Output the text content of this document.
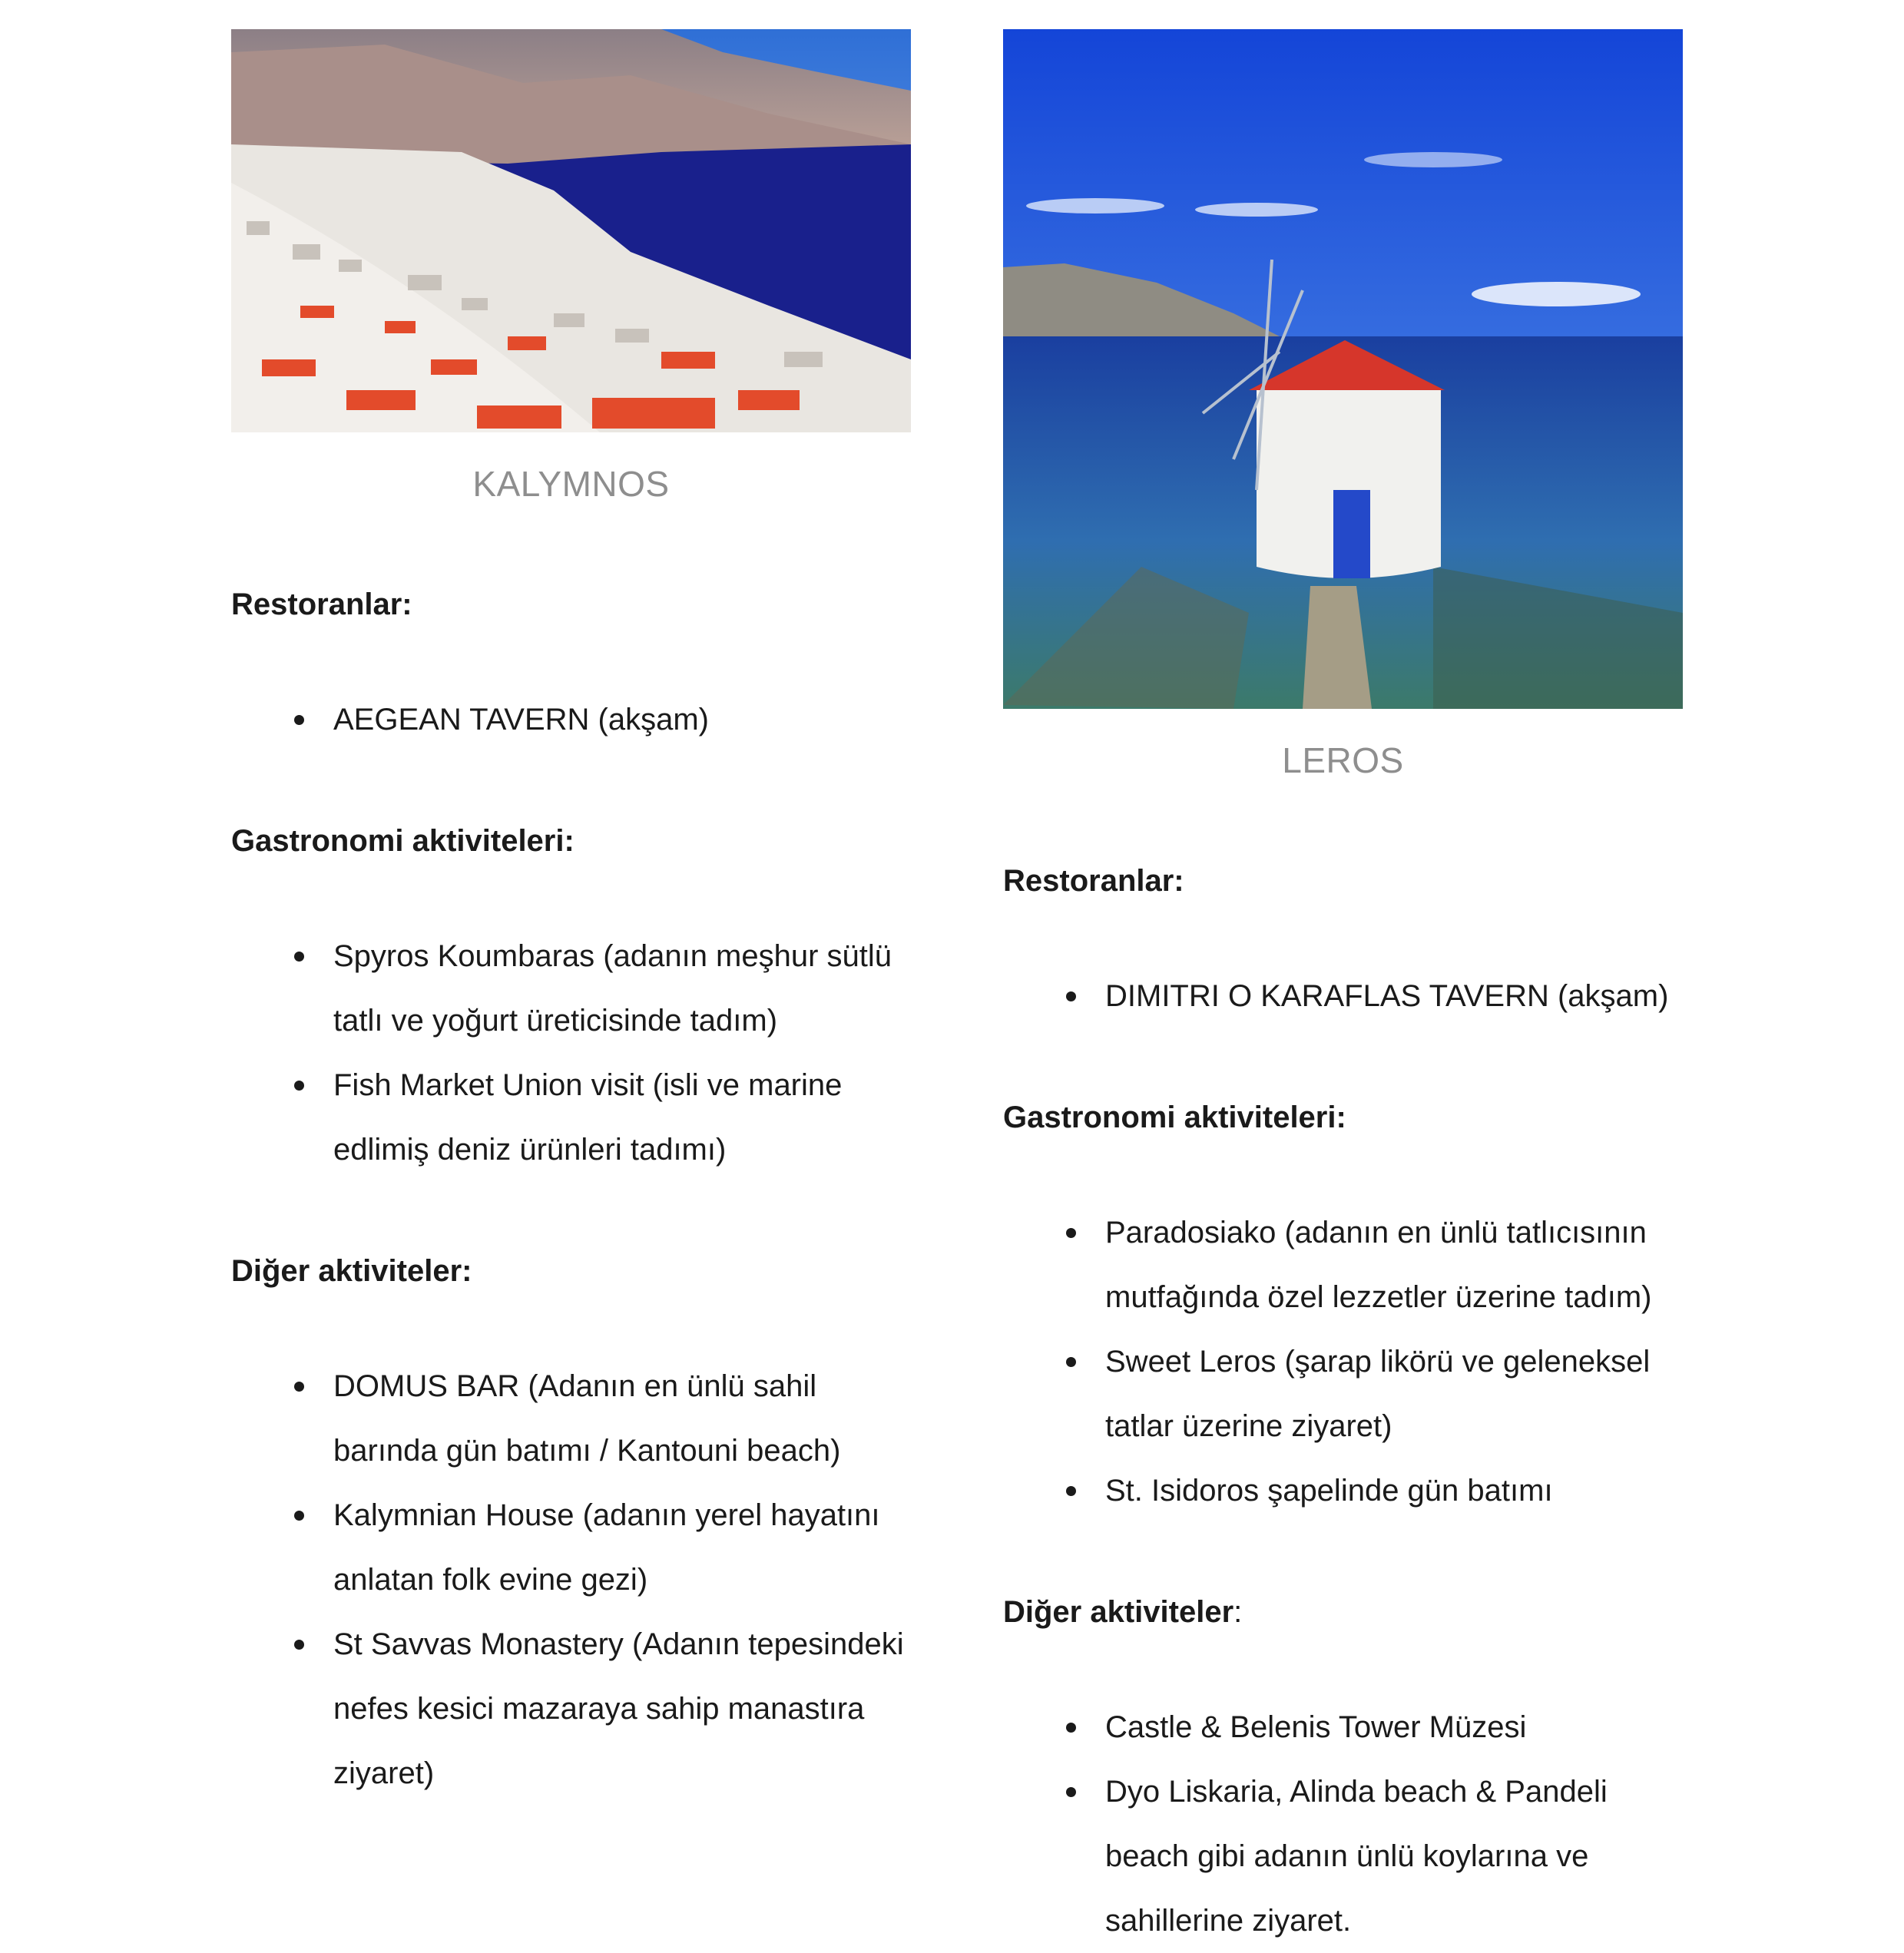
KALYMNOS

Restoranlar:

AEGEAN TAVERN (akşam)

Gastronomi aktiviteleri:

Spyros Koumbaras (adanın meşhur sütlü tatlı ve yoğurt üreticisinde tadım)
Fish Market Union visit (isli ve marine edlimiş deniz ürünleri tadımı)

Diğer aktiviteler:

DOMUS BAR (Adanın en ünlü sahil barında gün batımı / Kantouni beach)
Kalymnian House (adanın yerel hayatını anlatan folk evine gezi)
St Savvas Monastery (Adanın tepesindeki nefes kesici mazaraya sahip manastıra ziyaret)
LEROS

Restoranlar:

DIMITRI O KARAFLAS TAVERN (akşam)

Gastronomi aktiviteleri:

Paradosiako (adanın en ünlü tatlıcısının mutfağında özel lezzetler üzerine tadım)
Sweet Leros (şarap likörü ve geleneksel tatlar üzerine ziyaret)
St. Isidoros şapelinde gün batımı

Diğer aktiviteler:

Castle & Belenis Tower Müzesi
Dyo Liskaria, Alinda beach & Pandeli beach gibi adanın ünlü koylarına ve sahillerine ziyaret.
